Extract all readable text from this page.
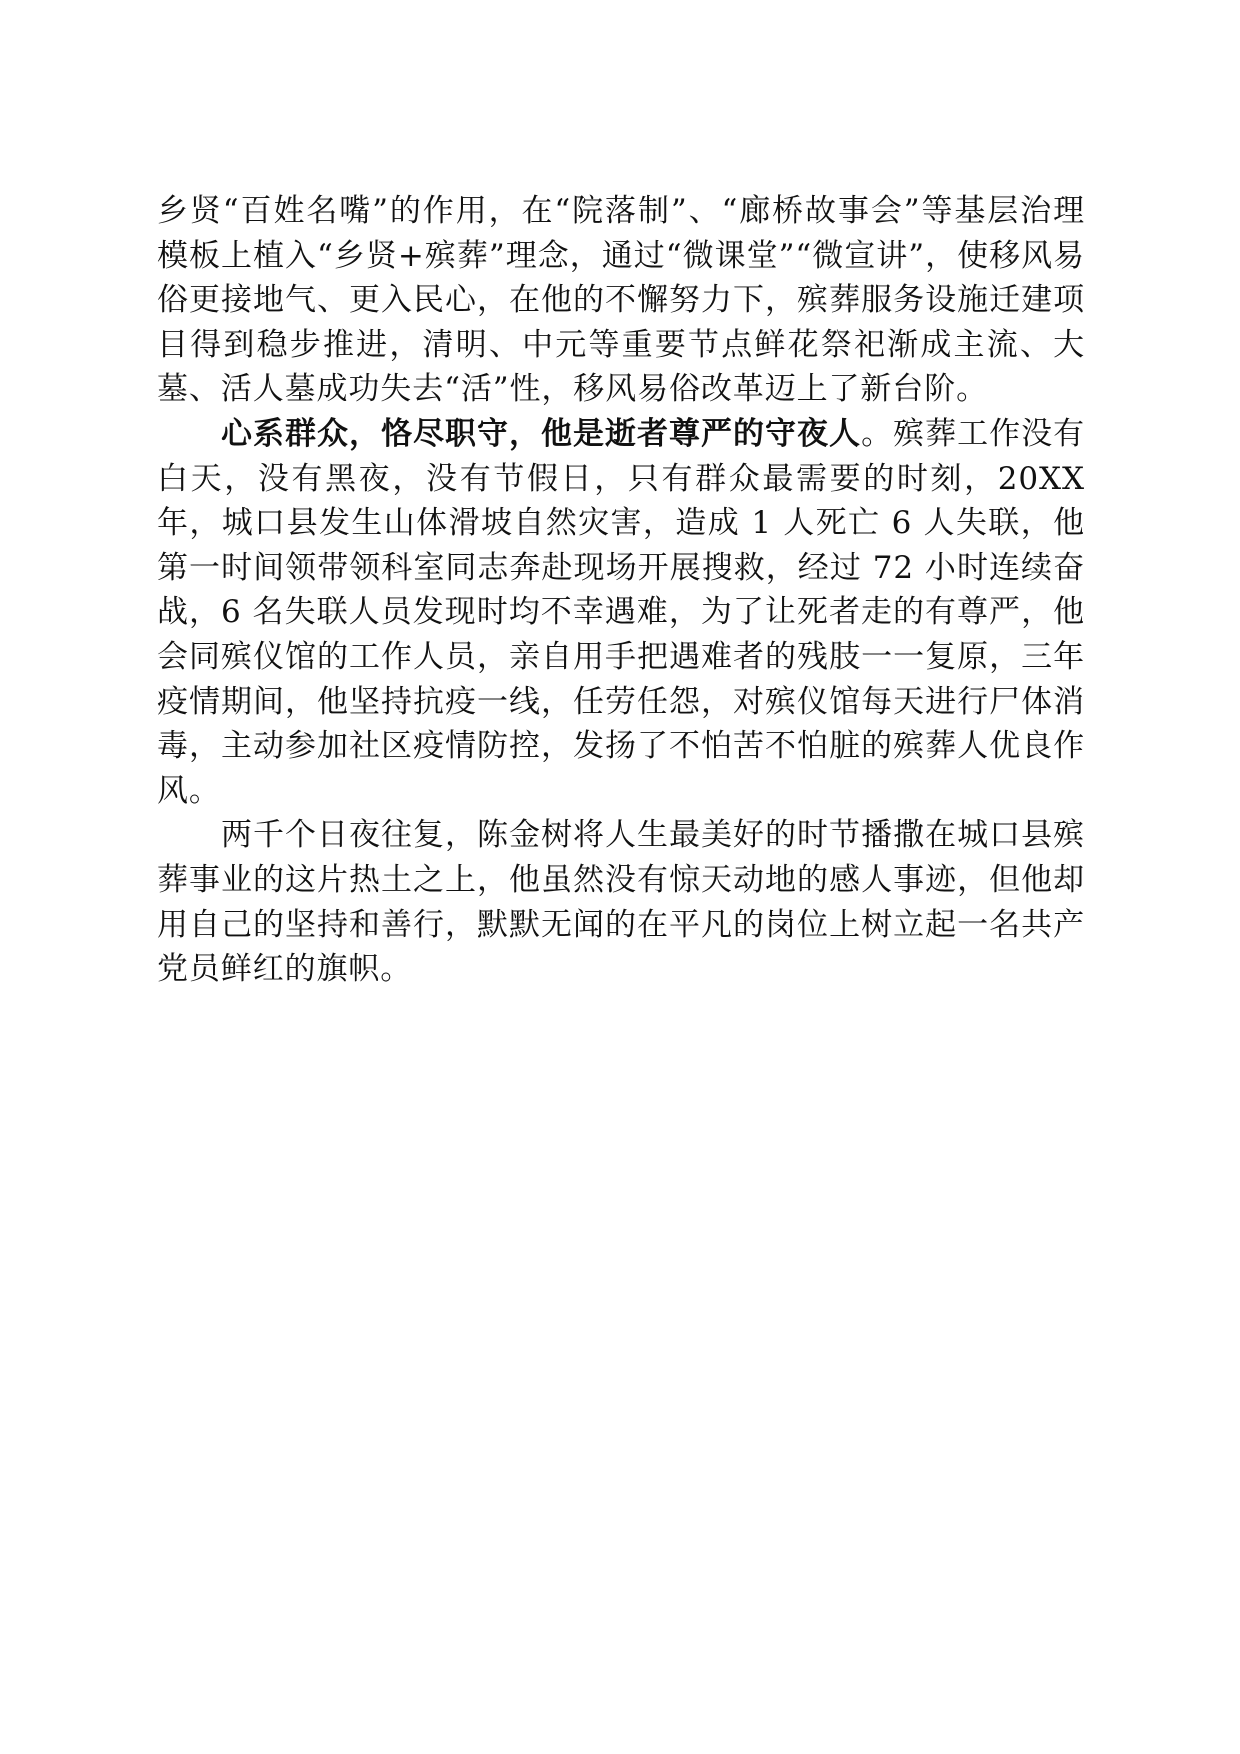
乡贤“百姓名嘴”的作用，在“院落制”、“廊桥故事会”等基层治理模板上植入“乡贤+殡葬”理念，通过“微课堂”“微宣讲”，使移风易俗更接地气、更入民心，在他的不懈努力下，殡葬服务设施迁建项目得到稳步推进，清明、中元等重要节点鲜花祭祀渐成主流、大墓、活人墓成功失去“活”性，移风易俗改革迈上了新台阶。

心系群众，恪尽职守，他是逝者尊严的守夜人。殡葬工作没有白天，没有黑夜，没有节假日，只有群众最需要的时刻，20XX 年，城口县发生山体滑坡自然灾害，造成 1 人死亡 6 人失联，他第一时间领带领科室同志奔赴现场开展搜救，经过 72 小时连续奋战，6 名失联人员发现时均不幸遇难，为了让死者走的有尊严，他会同殡仪馆的工作人员，亲自用手把遇难者的残肢一一复原，三年疫情期间，他坚持抗疫一线，任劳任怨，对殡仪馆每天进行尸体消毒，主动参加社区疫情防控，发扬了不怕苦不怕脏的殡葬人优良作风。

两千个日夜往复，陈金树将人生最美好的时节播撒在城口县殡葬事业的这片热土之上，他虽然没有惊天动地的感人事迹，但他却用自己的坚持和善行，默默无闻的在平凡的岗位上树立起一名共产党员鲜红的旗帜。
